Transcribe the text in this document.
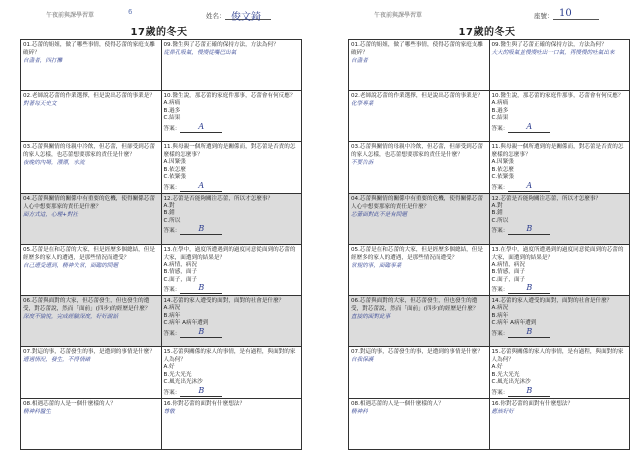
午夜前與課學習單	6	姓名： 俊文錡
17歲的冬天
01.芯蕾的姐姐，做了哪些事情，使得芯蕾的家庭支離破碎？
自盡者，四打攤	09.醫生與了芯蕾正確的保持方法，方法為何？
從鼻孔吸氣，慢慢從嘴巴出氣

02.老師說芯蕾的作業選擇，但是說出芯蕾的事業是？
對著每天史文	10.醫生說，那芯蕾的家庭件那事，芯蕾會有何反應？
A.病痛
B.過多
C.結果
答案： A

03.芯蕾與關情的母親中冷飲，但芯蕾，但卻受到芯蕾的家人怎樣，也芯蕾想要那家的責任是什麼？
夜晚的內場，漂漂，水流	11.與母親一個所遭到的是關係而，對芯蕾是否責的怎麼樣的怎麼事？
A.因緊張
B.依怎麼
C.依緊張
答案： A

04.芯蕾與關情的關係中有重要的危機，使得關係芯蕾人心中想要那家的責任是什麼？
面方式這，心理+對社	12.芯蕾是否能夠關注芯蕾，所以才怎麼事？
A.對
B.錯
C.所以
答案： B

05.芯蕾是在和芯蕾的大家，但是經歷多個總結，但是經歷多的家人的遭遇，是那些情況而遭受？
自己遭受遭到，精神失常，面臨的問題	13.在學中，過度所遭遇到的過度同意從面到的芯蕾的大家，面遭到的結果是？
A.病情，病況
B.情感，面子
C.面子，面子
答案： B

06.芯蕾與面對的大家，但芯蕾發生，但也發生的遭受，對芯蕾說，然而「面前」(四步)的經歷是什麼？
深度不愉悅，完成經驗深度，好好說話	14.芯蕾的家人遭受的面對，面對的社會是什麼？
A.病況
B.病年
C.病年 A病年遭到
答案： B

07.對這的事，芯蕾發生的事，是遭到的事情是什麼？
遭遇情況，發生，不得情緒	15.芯蕾與關係的家人的事情，是有過程，與面對的家人為何？
A.好
B.光大光光
C.風光出光沐沙
答案： B

08.相遇芯蕾的人是一個什麼樣的人？
精神科醫生	16.你對芯蕾的面對有什麼想法？
尊敬
午夜前與課學習單	座號： 10
17歲的冬天
01.芯蕾的姐姐，做了哪些事情，使得芯蕾的家庭支離破碎？
自盡者	09.醫生與了芯蕾正確的保持方法，方法為何？
大大的吸氣並慢慢吐出一口氣，再慢慢的吐氣出來

02.老師說芯蕾的作業選擇，但是說出芯蕾的事業是？
化學專業	10.醫生說，那芯蕾的家庭件那事，芯蕾會有何反應？
A.病痛
B.過多
C.結果
答案： A

03.芯蕾與關情的母親中冷飲，但芯蕾，但卻受到芯蕾的家人怎樣，也芯蕾想要那家的責任是什麼？
不要告訴	11.與母親一個所遭到的是關係而，對芯蕾是否責的怎麼樣的怎麼事？
A.因緊張
B.依怎麼
C.依緊張
答案： A

04.芯蕾與關情的關係中有重要的危機，使得關係芯蕾人心中想要那家的責任是什麼？
芯蕾面對此不是有問題	12.芯蕾是否能夠關注芯蕾，所以才怎麼事？
A.對
B.錯
C.所以
答案： B

05.芯蕾是在和芯蕾的大家，但是經歷多個總結，但是經歷多的家人的遭遇，是那些情況而遭受？
常規的事，面臨事業	13.在學中，過度所遭遇到的過度同意從面到的芯蕾的大家，面遭到的結果是？
A.病情，病況
B.情感，面子
C.面子，面子
答案： B

06.芯蕾與面對的大家，但芯蕾發生，但也發生的遭受，對芯蕾說，然而「面前」(四步)的經歷是什麼？
直接的面對此事	14.芯蕾的家人遭受的面對，面對的社會是什麼？
A.病況
B.病年
C.病年 A病年遭到
答案： B

07.對這的事，芯蕾發生的事，是遭到的事情是什麼？
自我保護	15.芯蕾與關係的家人的事情，是有過程，與面對的家人為何？
A.好
B.光大光光
C.風光出光沐沙
答案： B

08.相遇芯蕾的人是一個什麼樣的人？
精神科	16.你對芯蕾的面對有什麼想法？
應該好好
